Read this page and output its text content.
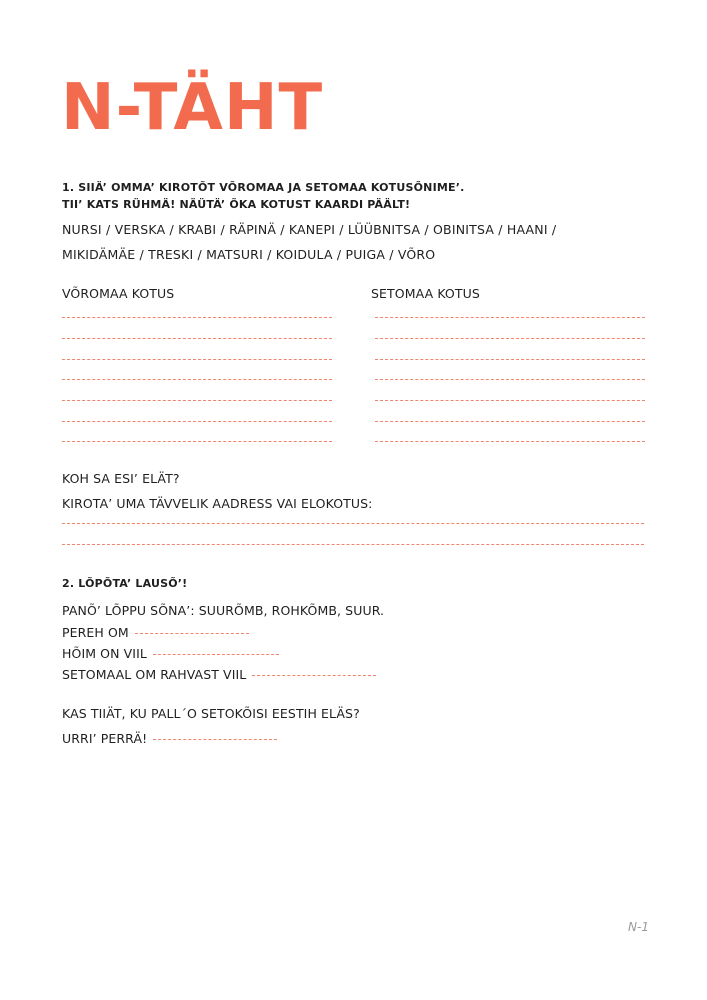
N-TÄHT
1. SIIÄ’ OMMA’ KIROTÕT VÕROMAA JA SETOMAA KOTUSÕNIME’.
TII’ KATS RÜHMÄ! NÄÜTÄ’ ÕKA KOTUST KAARDI PÄÄLT!
NURSI / VERSKA / KRABI / RÄPINÄ / KANEPI / LÜÜBNITSA / OBINITSA / HAANI /
MIKIDÄMÄE / TRESKI / MATSURI / KOIDULA / PUIGA / VÕRO
VÕROMAA KOTUS	SETOMAA KOTUS
KOH SA ESI’ ELÄT?
KIROTA’ UMA TÄVVELIK AADRESS VAI ELOKOTUS:
2. LÕPÕTA’ LAUSÕ’!
PANÕ’ LÕPPU SÕNA’: SUURÕMB, ROHKÕMB, SUUR.
PEREH OM
HÕIM ON VIIL
SETOMAAL OM RAHVAST VIIL
KAS TIIÄT, KU PALL´O SETOKÕISI EESTIH ELÄS?
URRI’ PERRÄ!
N-1
